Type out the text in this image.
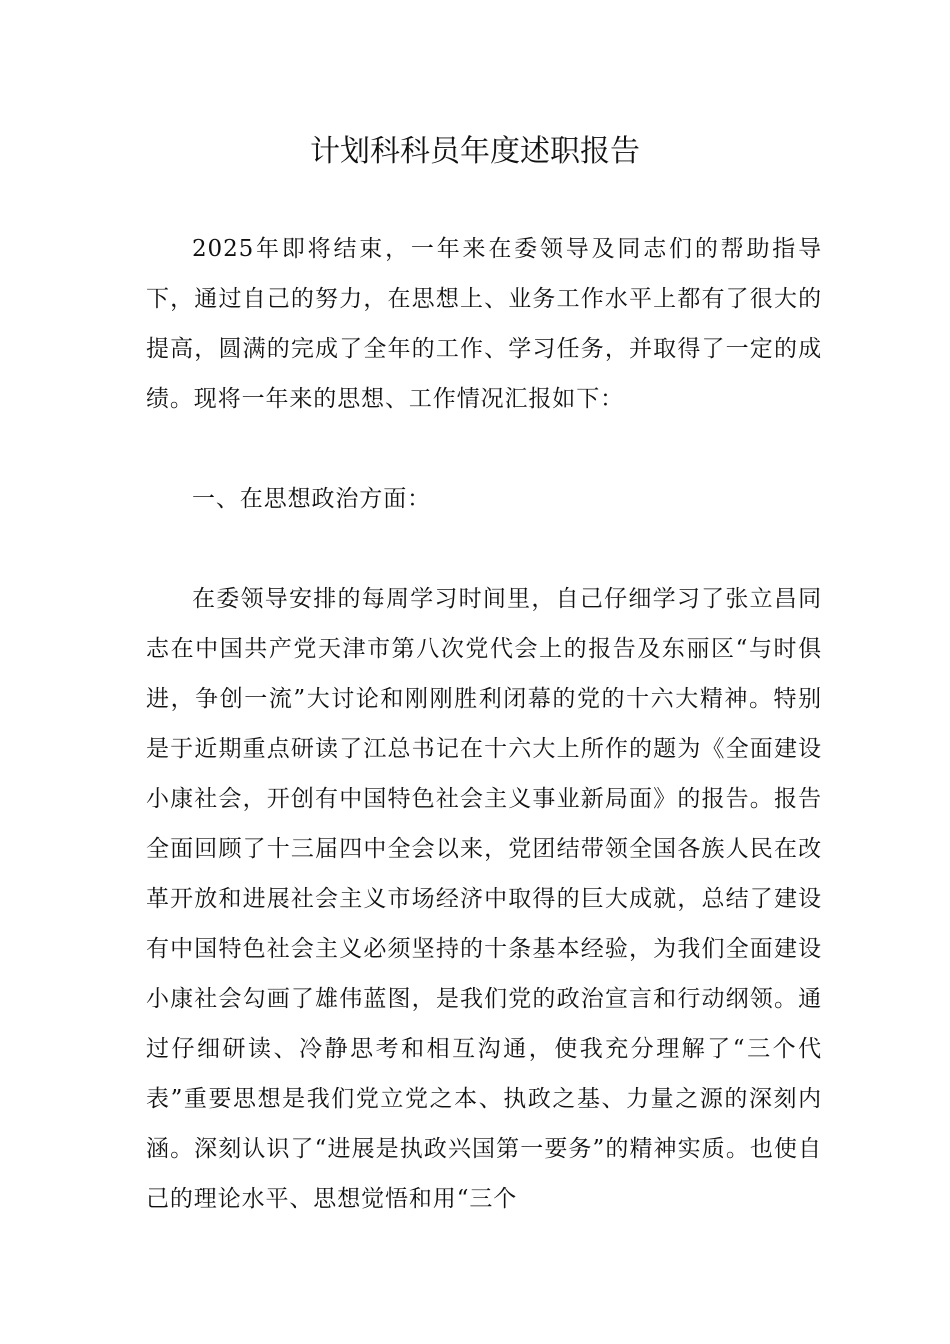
计划科科员年度述职报告

2025年即将结束，一年来在委领导及同志们的帮助指导下，通过自己的努力，在思想上、业务工作水平上都有了很大的提高，圆满的完成了全年的工作、学习任务，并取得了一定的成绩。现将一年来的思想、工作情况汇报如下：

一、在思想政治方面：

在委领导安排的每周学习时间里，自己仔细学习了张立昌同志在中国共产党天津市第八次党代会上的报告及东丽区“与时俱进，争创一流”大讨论和刚刚胜利闭幕的党的十六大精神。特别是于近期重点研读了江总书记在十六大上所作的题为《全面建设小康社会，开创有中国特色社会主义事业新局面》的报告。报告全面回顾了十三届四中全会以来，党团结带领全国各族人民在改革开放和进展社会主义市场经济中取得的巨大成就，总结了建设有中国特色社会主义必须坚持的十条基本经验，为我们全面建设小康社会勾画了雄伟蓝图，是我们党的政治宣言和行动纲领。通过仔细研读、冷静思考和相互沟通，使我充分理解了“三个代表”重要思想是我们党立党之本、执政之基、力量之源的深刻内涵。深刻认识了“进展是执政兴国第一要务”的精神实质。也使自己的理论水平、思想觉悟和用“三个
